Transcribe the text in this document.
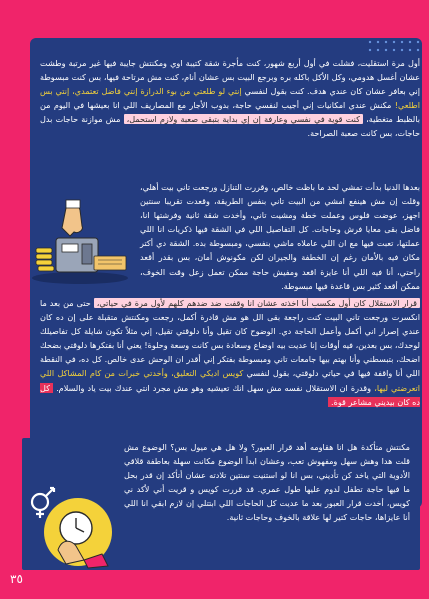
أول مرة استقليت، فشلت في أول أربع شهور، كنت مأجرة شقة كتيبة اوي ومكنتش جايبة فيها غير مرتبة وطشت عشان أغسل هدومي، وكل الأكل باكله بره وبرجع البيت بس عشان أنام، كنت مش مرتاحة فيها، بس كنت مبسوطة إني بعافر عشان كان عندي هدف. كنت بقول لنفسي إنتي لو طلعتي من بوء الدرازة إنتي فاضل تعتمدي، إنتي بس اطلعي! مكنش عندي امكانيات إني أجيب لنفسي حاجة، بدوب الأجار مع المصاريف اللي انا بعيشها في اليوم من بالظبط متغطية، كنت قوية في نفسي وعارفة إن إي بداية بتبقى صعبة ولازم استحمل، مش موازنة حاجات بدل حاجات، بس كانت صعبة الصراحة.
بعدها الدنيا بدأت تمشي لحد ما باظت خالص، وقررت التنازل ورجعت تاني بيت أهلي، وقلت إن مش هينفع امشي من البيت تاني بنفس الطريقة، وقعدت تقريبا سنتين اجهز، عوضت فلوس وعملت خطة ومشيت تاني، وأخدت شقة ثانية وفرشتها انا، فاضل بقى معايا فرش وحاجات. كل التفاصيل اللي في الشقة فيها ذكريات انا اللي عملتها، تعبت فيها مع ان اللي عاملاه ماشي بنفسي، ومبسوطة بده. الشقة دي أكتر مكان فيه بالأمان رغم إن الخطفة والجيران لكن مكونوش أمان، بس بقدر أقعد راحتي، أنا فيه اللي أنا عايزة اقعد ومفيش حاجة ممكن تعمل زعل وقت الخوف، ممكن أقعد كثير بس قاعدة فيها مبسوطة.
قرار الاستقلال كان أول مكسب أنا اخذته عشان انا وقفت ضد ضدهم كلهم لأول مرة في حياتي، حتى من بعد ما انكسرت ورجعت تاني البيت كنت راجعة بقى الل هو مش قادرة أكمل، رجعت ومكنتش متقبلة على إن ده كان عندي إصرار اني أكمل وأعمل الحاجة دي. الوضوح كان تقيل وأنا دلوقتي تقيل، إني مثلاً تكون شايلة كل تفاصيلك لوحدك، بس بعدين، فيه أوقات إنا عديت بيه اوضاع وسعادة بس كانت وسعة وحلوة! يعني أنا بفتكرها دلوقتي بضحك اضحك، بتبسطني وأنا بهتم بيها جامعات تاني ومبسوطة بفتكر إني أقدر ان الوحش عدى خالص. كل ده، في النقطة اللي أنا واقفة فيها في حياتي دلوقتي، بقول لنفسي كويس اديكي التعليق، وأخدتي خبرات من كام المشاكل اللي اتعرضتي ليها، وقدرة ان الاستقلال نفسه مش سهل انك تعيشيه وهو مش مجرد انتي عندك بيت ياد والسلام. كل ده كان بيديني مشاعر قوة.
مكنتش متأكدة هل انا هقاومه أهد قرار العبور؟ ولا هل هي ميول بس؟ الوضوع مش قلت هدا وهش سهل ومفهوش تعب، وعشان ابدأ الوضوع مكانت سهلة بعاطفة قلاقي الأدوية التي ياخد كن تأديني، بس انا لو استنيت سنتين تلادته عشان أتأكد إن قدر بحل ما فيها حاجة تطفل لدوم عليها طول عمري. قد قررت كويس و قريت أني لأكد ني كويس، أخدت قرار العبور بعد ما عديت كل الحاجات اللي ابتتلي إن لازم ابقي انا اللي أنا عايزاها، حاجات كتير لها علاقة بالخوف وحاجات ثانية.
٣٥
